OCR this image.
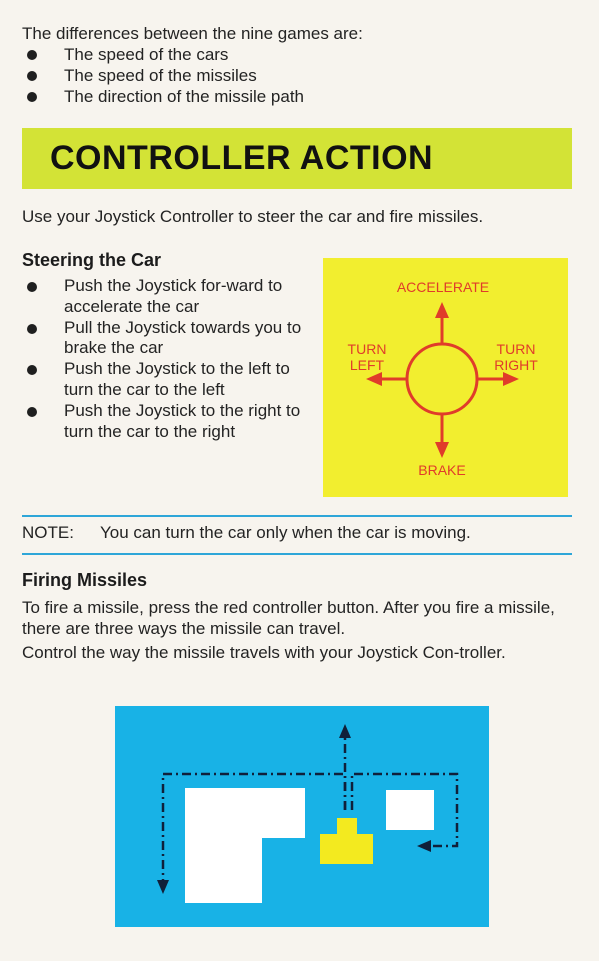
The differences between the nine games are:
The speed of the cars
The speed of the missiles
The direction of the missile path
CONTROLLER ACTION

Use your Joystick Controller to steer the car and fire missiles.

Steering the Car
Push the Joystick for-ward to accelerate the car
Pull the Joystick towards you to brake the car
Push the Joystick to the left to turn the car to the left
Push the Joystick to the right to turn the car to the right
ACCELERATE
BRAKE
TURN
LEFT
TURN
RIGHT

NOTE: You can turn the car only when the car is moving.

Firing Missiles

To fire a missile, press the red controller button. After you fire a missile, there are three ways the missile can travel.

Control the way the missile travels with your Joystick Con-troller.
